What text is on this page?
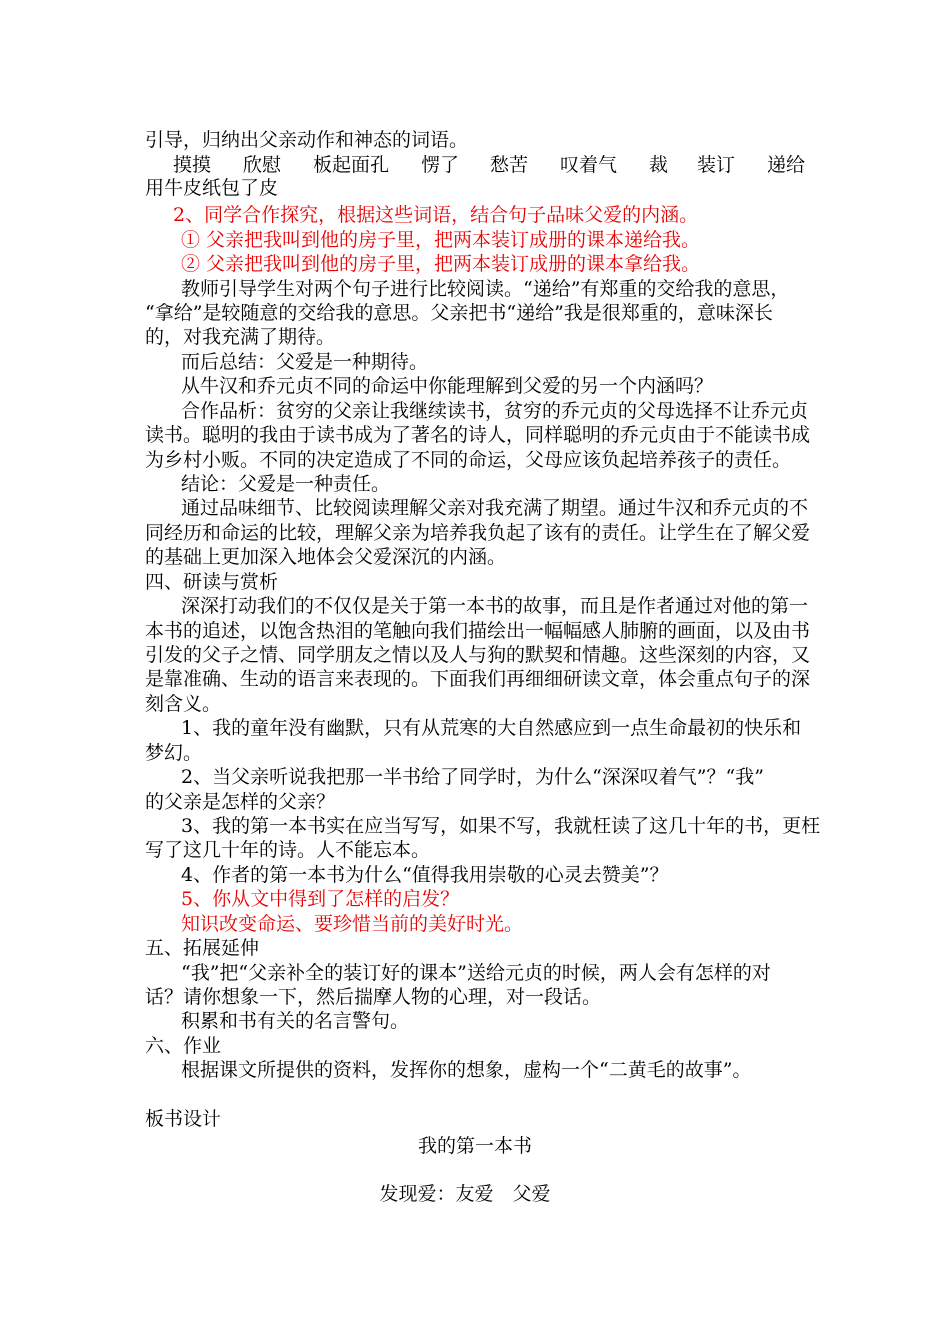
引导，归纳出父亲动作和神态的词语。
摸摸 欣慰 板起面孔 愣了 愁苦 叹着气 裁 装订 递给
用牛皮纸包了皮
2、同学合作探究，根据这些词语，结合句子品味父爱的内涵。
① 父亲把我叫到他的房子里，把两本装订成册的课本递给我。
② 父亲把我叫到他的房子里，把两本装订成册的课本拿给我。
教师引导学生对两个句子进行比较阅读。“递给”有郑重的交给我的意思，
“拿给”是较随意的交给我的意思。父亲把书“递给”我是很郑重的，意味深长
的，对我充满了期待。
而后总结：父爱是一种期待。
从牛汉和乔元贞不同的命运中你能理解到父爱的另一个内涵吗？
合作品析：贫穷的父亲让我继续读书，贫穷的乔元贞的父母选择不让乔元贞
读书。聪明的我由于读书成为了著名的诗人，同样聪明的乔元贞由于不能读书成
为乡村小贩。不同的决定造成了不同的命运，父母应该负起培养孩子的责任。
结论：父爱是一种责任。
通过品味细节、比较阅读理解父亲对我充满了期望。通过牛汉和乔元贞的不
同经历和命运的比较，理解父亲为培养我负起了该有的责任。让学生在了解父爱
的基础上更加深入地体会父爱深沉的内涵。
四、研读与赏析
深深打动我们的不仅仅是关于第一本书的故事，而且是作者通过对他的第一
本书的追述，以饱含热泪的笔触向我们描绘出一幅幅感人肺腑的画面，以及由书
引发的父子之情、同学朋友之情以及人与狗的默契和情趣。这些深刻的内容，又
是靠准确、生动的语言来表现的。下面我们再细细研读文章，体会重点句子的深
刻含义。
1、我的童年没有幽默，只有从荒寒的大自然感应到一点生命最初的快乐和
梦幻。
2、当父亲听说我把那一半书给了同学时，为什么“深深叹着气”？“我”
的父亲是怎样的父亲？
3、我的第一本书实在应当写写，如果不写，我就枉读了这几十年的书，更枉
写了这几十年的诗。人不能忘本。
4、作者的第一本书为什么“值得我用崇敬的心灵去赞美”？
5、你从文中得到了怎样的启发？
知识改变命运、要珍惜当前的美好时光。
五、拓展延伸
“我”把“父亲补全的装订好的课本”送给元贞的时候，两人会有怎样的对
话？请你想象一下，然后揣摩人物的心理，对一段话。
积累和书有关的名言警句。
六、作业
根据课文所提供的资料，发挥你的想象，虚构一个“二黄毛的故事”。
板书设计
我的第一本书
发现爱：友爱　父爱
